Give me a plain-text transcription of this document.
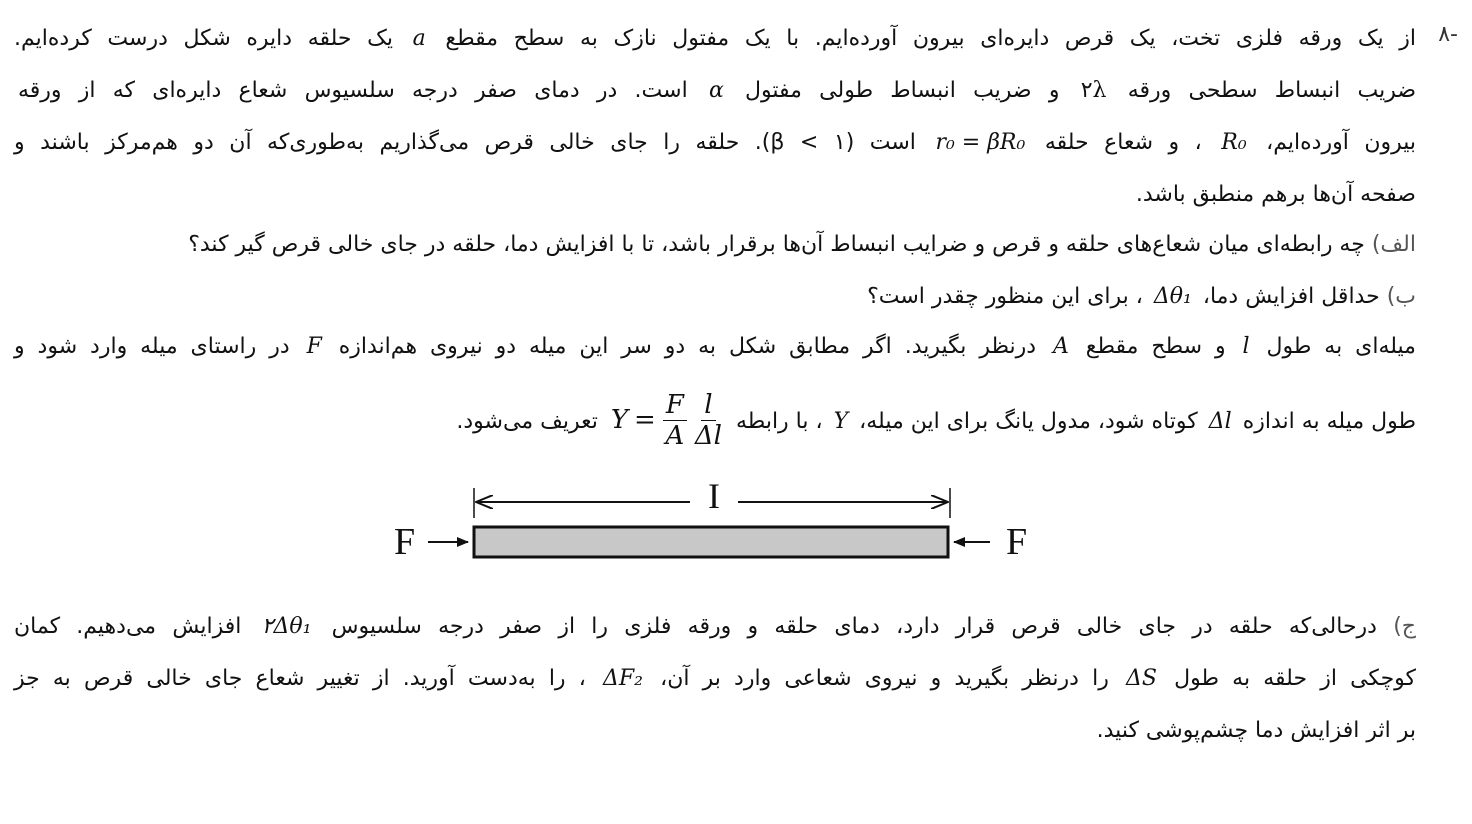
-۸
از یک ورقه فلزی تخت، یک قرص دایره‌ای بیرون آورده‌ایم. با یک مفتول نازک به سطح مقطع a یک حلقه دایره شکل درست کرده‌ایم.
ضریب انبساط سطحی ورقه ۲λ و ضریب انبساط طولی مفتول α است. در دمای صفر درجه سلسیوس شعاع دایره‌ای که از ورقه
بیرون آورده‌ایم، R₀ ، و شعاع حلقه r₀ = βR₀ است (β < ۱). حلقه را جای خالی قرص می‌گذاریم به‌طوری‌که آن دو هم‌مرکز باشند و
صفحه آن‌ها برهم منطبق باشد.
الف) چه رابطه‌ای میان شعاع‌های حلقه و قرص و ضرایب انبساط آن‌ها برقرار باشد، تا با افزایش دما، حلقه در جای خالی قرص گیر کند؟
ب) حداقل افزایش دما، Δθ₁ ، برای این منظور چقدر است؟
میله‌ای به طول l و سطح مقطع A درنظر بگیرید. اگر مطابق شکل به دو سر این میله دو نیروی هم‌اندازه F در راستای میله وارد شود و
طول میله به اندازه Δl کوتاه شود، مدول یانگ برای این میله، Y ، با رابطه
$Y = \frac{F}{A} \frac{l}{\Delta l}$
تعریف می‌شود.
I
F	F
ج) درحالی‌که حلقه در جای خالی قرص قرار دارد، دمای حلقه و ورقه فلزی را از صفر درجه سلسیوس ۲Δθ₁ افزایش می‌دهیم. کمان
کوچکی از حلقه به طول ΔS را درنظر بگیرید و نیروی شعاعی وارد بر آن، ΔF₂ ، را به‌دست آورید. از تغییر شعاع جای خالی قرص به جز
بر اثر افزایش دما چشم‌پوشی کنید.
